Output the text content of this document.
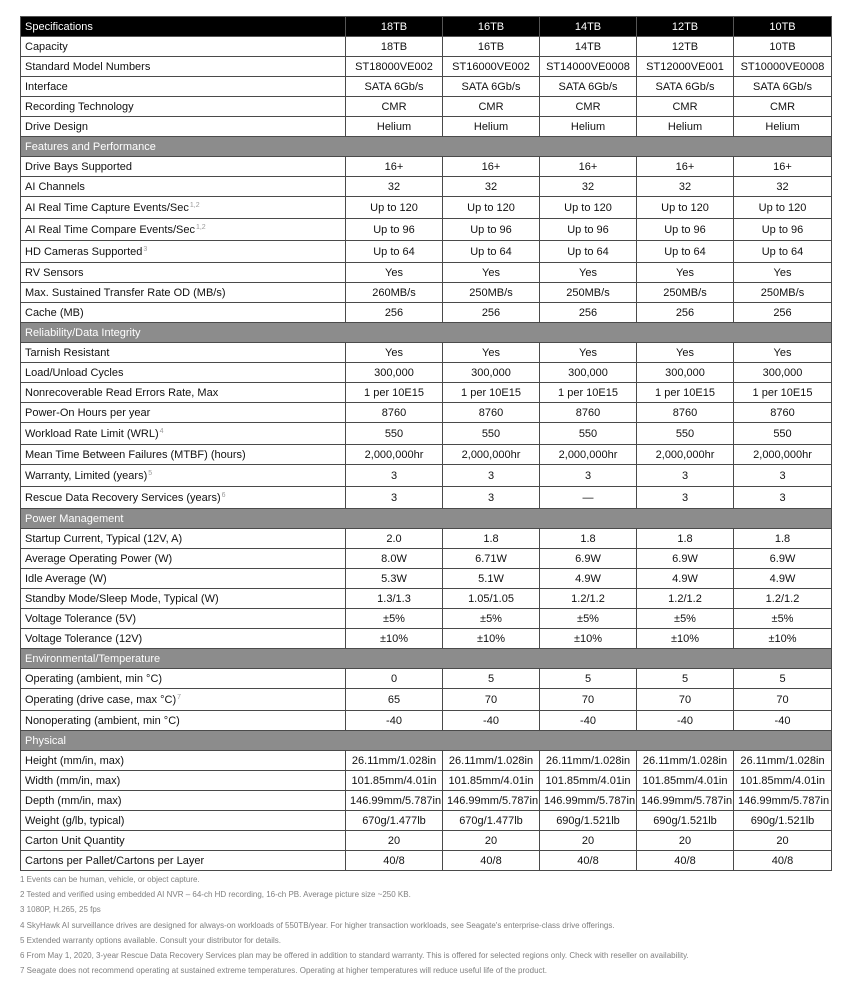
Specifications	18TB	16TB	14TB	12TB	10TB
Capacity	18TB	16TB	14TB	12TB	10TB
Standard Model Numbers	ST18000VE002	ST16000VE002	ST14000VE0008	ST12000VE001	ST10000VE0008
Interface	SATA 6Gb/s	SATA 6Gb/s	SATA 6Gb/s	SATA 6Gb/s	SATA 6Gb/s
Recording Technology	CMR	CMR	CMR	CMR	CMR
Drive Design	Helium	Helium	Helium	Helium	Helium
Features and Performance					
Drive Bays Supported	16+	16+	16+	16+	16+
AI Channels	32	32	32	32	32
AI Real Time Capture Events/Sec$^{1,2}$	Up to 120	Up to 120	Up to 120	Up to 120	Up to 120
AI Real Time Compare Events/Sec$^{1,2}$	Up to 96	Up to 96	Up to 96	Up to 96	Up to 96
HD Cameras Supported$^3$	Up to 64	Up to 64	Up to 64	Up to 64	Up to 64
RV Sensors	Yes	Yes	Yes	Yes	Yes
Max. Sustained Transfer Rate OD (MB/s)	260MB/s	250MB/s	250MB/s	250MB/s	250MB/s
Cache (MB)	256	256	256	256	256
Reliability/Data Integrity					
Tarnish Resistant	Yes	Yes	Yes	Yes	Yes
Load/Unload Cycles	300,000	300,000	300,000	300,000	300,000
Nonrecoverable Read Errors Rate, Max	1 per 10E15	1 per 10E15	1 per 10E15	1 per 10E15	1 per 10E15
Power-On Hours per year	8760	8760	8760	8760	8760
Workload Rate Limit (WRL)$^4$	550	550	550	550	550
Mean Time Between Failures (MTBF) (hours)	2,000,000hr	2,000,000hr	2,000,000hr	2,000,000hr	2,000,000hr
Warranty, Limited (years)$^5$	3	3	3	3	3
Rescue Data Recovery Services (years)$^6$	3	3	—	3	3
Power Management					
Startup Current, Typical (12V, A)	2.0	1.8	1.8	1.8	1.8
Average Operating Power (W)	8.0W	6.71W	6.9W	6.9W	6.9W
Idle Average (W)	5.3W	5.1W	4.9W	4.9W	4.9W
Standby Mode/Sleep Mode, Typical (W)	1.3/1.3	1.05/1.05	1.2/1.2	1.2/1.2	1.2/1.2
Voltage Tolerance (5V)	±5%	±5%	±5%	±5%	±5%
Voltage Tolerance (12V)	±10%	±10%	±10%	±10%	±10%
Environmental/Temperature					
Operating (ambient, min °C)	0	5	5	5	5
Operating (drive case, max °C)$^7$	65	70	70	70	70
Nonoperating (ambient, min °C)	-40	-40	-40	-40	-40
Physical					
Height (mm/in, max)	26.11mm/1.028in	26.11mm/1.028in	26.11mm/1.028in	26.11mm/1.028in	26.11mm/1.028in
Width (mm/in, max)	101.85mm/4.01in	101.85mm/4.01in	101.85mm/4.01in	101.85mm/4.01in	101.85mm/4.01in
Depth (mm/in, max)	146.99mm/5.787in	146.99mm/5.787in	146.99mm/5.787in	146.99mm/5.787in	146.99mm/5.787in
Weight (g/lb, typical)	670g/1.477lb	670g/1.477lb	690g/1.521lb	690g/1.521lb	690g/1.521lb
Carton Unit Quantity	20	20	20	20	20
Cartons per Pallet/Cartons per Layer	40/8	40/8	40/8	40/8	40/8
1 Events can be human, vehicle, or object capture.
2 Tested and verified using embedded AI NVR – 64-ch HD recording, 16-ch PB. Average picture size ~250 KB.
3 1080P, H.265, 25 fps
4 SkyHawk AI surveillance drives are designed for always-on workloads of 550TB/year. For higher transaction workloads, see Seagate's enterprise-class drive offerings.
5 Extended warranty options available. Consult your distributor for details.
6 From May 1, 2020, 3-year Rescue Data Recovery Services plan may be offered in addition to standard warranty. This is offered for selected regions only. Check with reseller on availability.
7 Seagate does not recommend operating at sustained extreme temperatures. Operating at higher temperatures will reduce useful life of the product.
